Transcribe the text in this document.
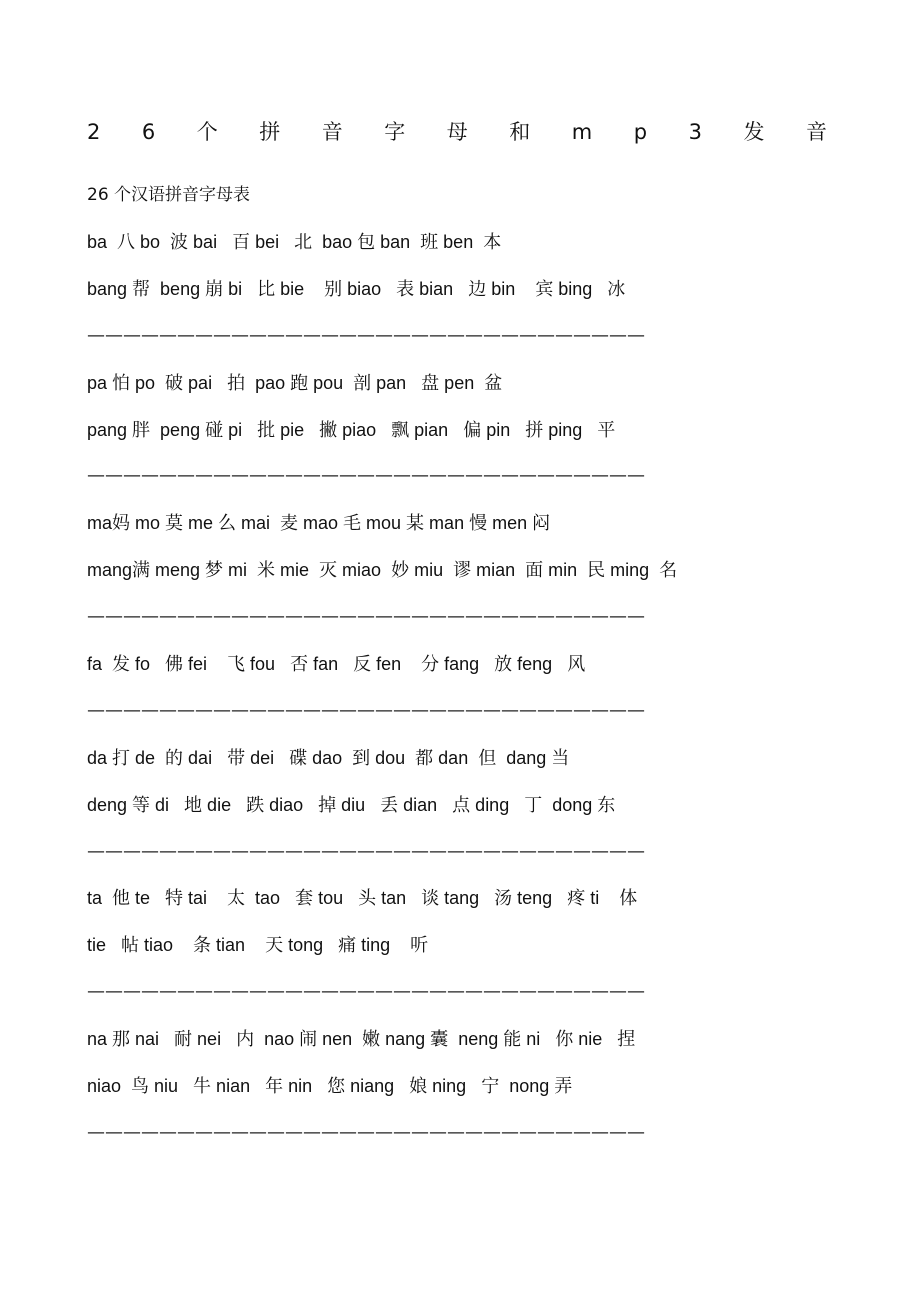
2 6 个 拼 音 字 母 和 m p 3 发 音
26 个汉语拼音字母表
ba  八 bo  波 bai   百 bei   北  bao 包 ban  班 ben  本
bang 帮  beng 崩 bi   比 bie    别 biao   表 bian   边 bin    宾 bing   冰
———————————————————————————————
pa 怕 po  破 pai   拍  pao 跑 pou  剖 pan   盘 pen  盆
pang 胖  peng 碰 pi   批 pie   撇 piao   飘 pian   偏 pin   拼 ping   平
———————————————————————————————
ma妈 mo 莫 me 么 mai  麦 mao 毛 mou 某 man 慢 men 闷
mang满 meng 梦 mi  米 mie  灭 miao  妙 miu  谬 mian  面 min  民 ming  名
———————————————————————————————
fa  发 fo   佛 fei    飞 fou   否 fan   反 fen    分 fang   放 feng   风
———————————————————————————————
da 打 de  的 dai   带 dei   碟 dao  到 dou  都 dan  但  dang 当
deng 等 di   地 die   跌 diao   掉 diu   丢 dian   点 ding   丁  dong 东
———————————————————————————————
ta  他 te   特 tai    太  tao   套 tou   头 tan   谈 tang   汤 teng   疼 ti    体
tie   帖 tiao    条 tian    天 tong   痛 ting    听
———————————————————————————————
na 那 nai   耐 nei   内  nao 闹 nen  嫩 nang 囊  neng 能 ni   你 nie   捏
niao  鸟 niu   牛 nian   年 nin   您 niang   娘 ning   宁  nong 弄
———————————————————————————————
